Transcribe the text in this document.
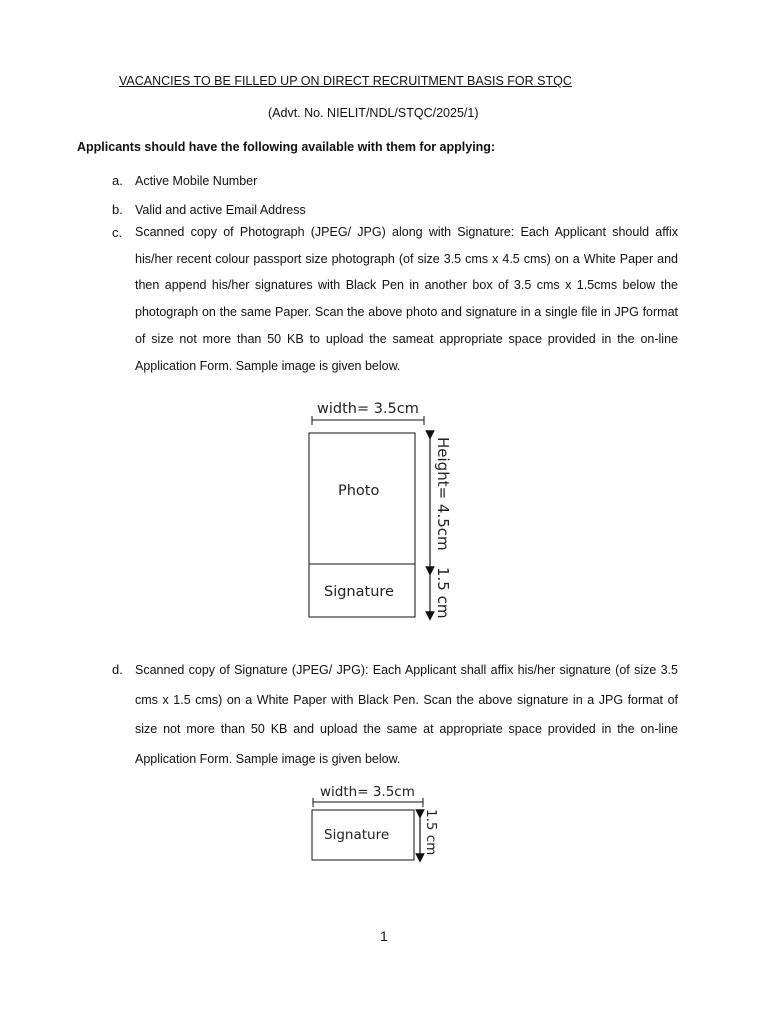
VACANCIES TO BE FILLED UP ON DIRECT RECRUITMENT BASIS FOR STQC
(Advt. No. NIELIT/NDL/STQC/2025/1)
Applicants should have the following available with them for applying:
a. Active Mobile Number
b. Valid and active Email Address
c. Scanned copy of Photograph (JPEG/ JPG) along with Signature: Each Applicant should affix his/her recent colour passport size photograph (of size 3.5 cms x 4.5 cms) on a White Paper and then append his/her signatures with Black Pen in another box of 3.5 cms x 1.5cms below the photograph on the same Paper. Scan the above photo and signature in a single file in JPG format of size not more than 50 KB to upload the sameat appropriate space provided in the on-line Application Form. Sample image is given below.
width= 3.5cm
Photo
Signature
Height= 4.5cm
1.5 cm
d. Scanned copy of Signature (JPEG/ JPG): Each Applicant shall affix his/her signature (of size 3.5 cms x 1.5 cms) on a White Paper with Black Pen. Scan the above signature in a JPG format of size not more than 50 KB and upload the same at appropriate space provided in the on-line Application Form. Sample image is given below.
width= 3.5cm
Signature	1.5 cm
1
